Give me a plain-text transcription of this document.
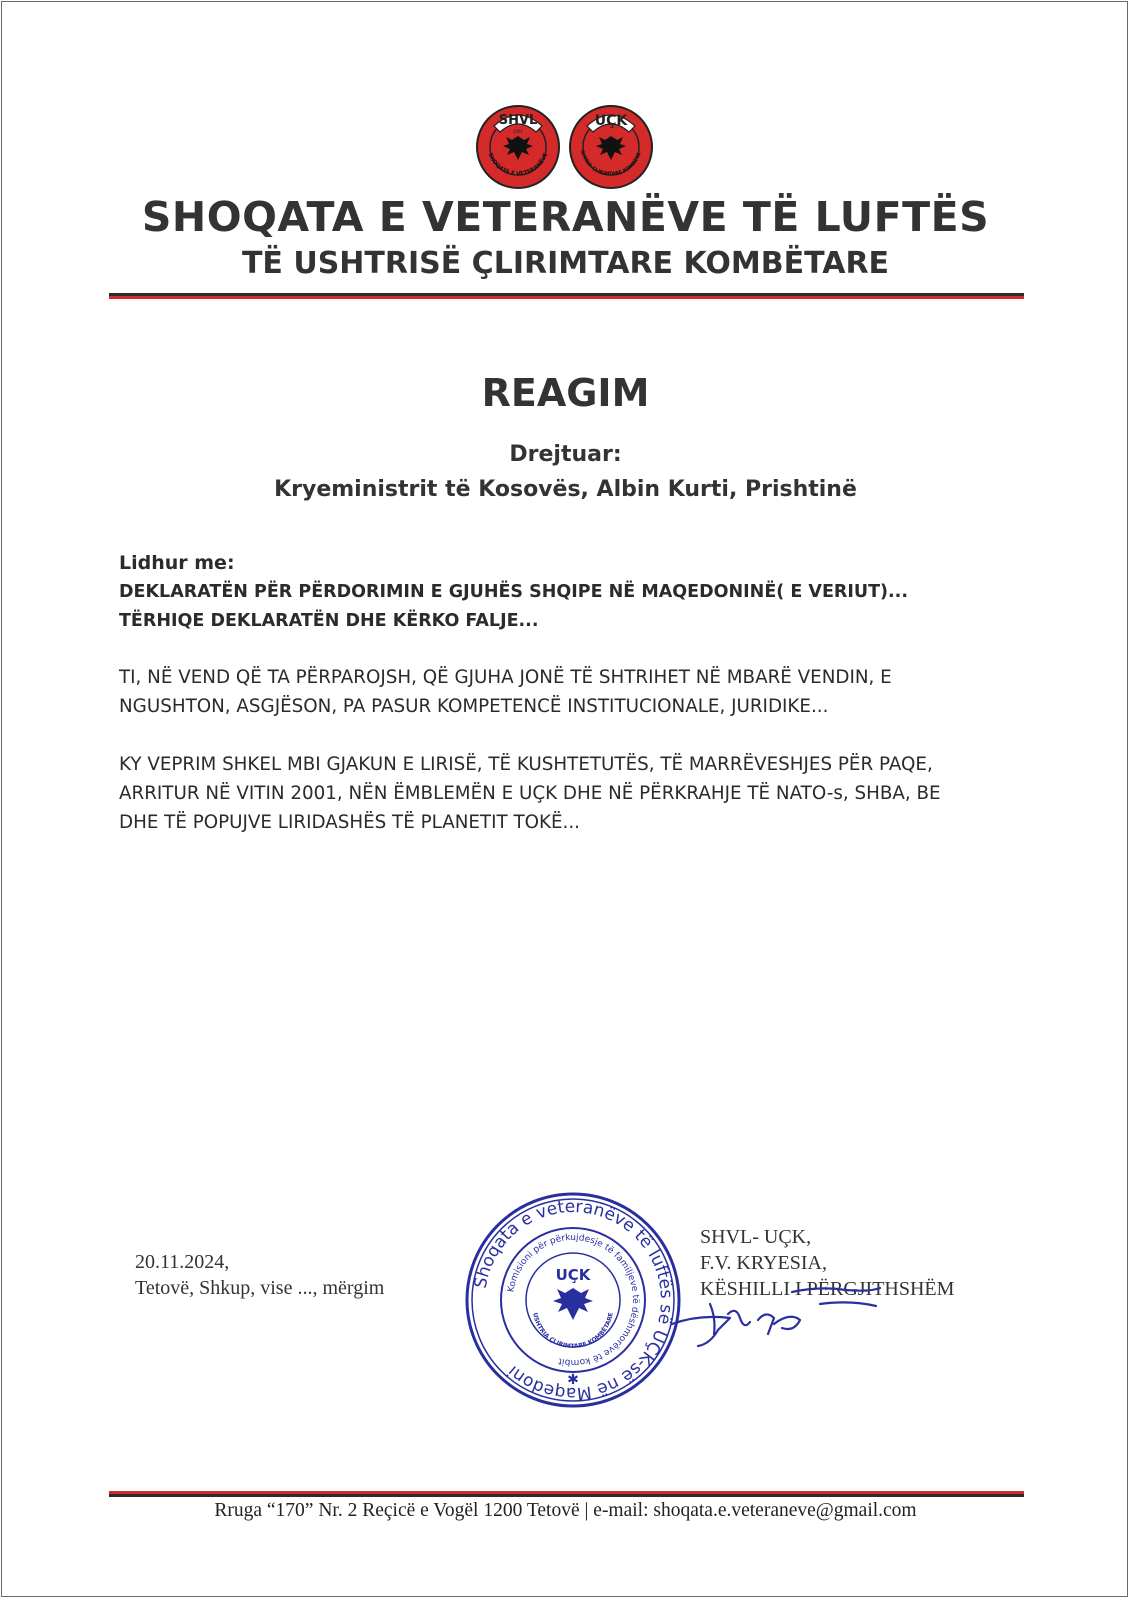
SHVL
2001
SHOQATA E VETERANËVE
UÇK
SHTRIA ÇLIRIMTARE KOMBËTA
SHOQATA E VETERANËVE TË LUFTËS
TË USHTRISË ÇLIRIMTARE KOMBËTARE
REAGIM
Drejtuar:
Kryeministrit të Kosovës, Albin Kurti, Prishtinë
Lidhur me:
DEKLARATËN PËR PËRDORIMIN E GJUHËS SHQIPE NË MAQEDONINË( E VERIUT)...
TËRHIQE DEKLARATËN DHE KËRKO FALJE...
TI, NË VEND QË TA PËRPAROJSH, QË GJUHA JONË TË SHTRIHET NË MBARË VENDIN, E
NGUSHTON, ASGJËSON, PA PASUR KOMPETENCË INSTITUCIONALE, JURIDIKE...
KY VEPRIM SHKEL MBI GJAKUN E LIRISË, TË KUSHTETUTËS, TË MARRËVESHJES PËR PAQE,
ARRITUR NË VITIN 2001, NËN ËMBLEMËN E UÇK DHE NË PËRKRAHJE TË NATO-s, SHBA, BE
DHE TË POPUJVE LIRIDASHËS TË PLANETIT TOKË...
20.11.2024,
Tetovë, Shkup, vise ..., mërgim	Shoqata e veteranëve të luftës së UÇK-së në Maqedoni
Komisioni për përkujdesje të familjeve të dëshmorëve të kombit
UÇK
USHTRIA ÇLIRIMTARE KOMBËTARE
✱
SHVL- UÇK,
F.V. KRYESIA,
KËSHILLI I PËRGJITHSHËM
Rruga “170” Nr. 2 Reçicë e Vogël 1200 Tetovë | e-mail: shoqata.e.veteraneve@gmail.com
